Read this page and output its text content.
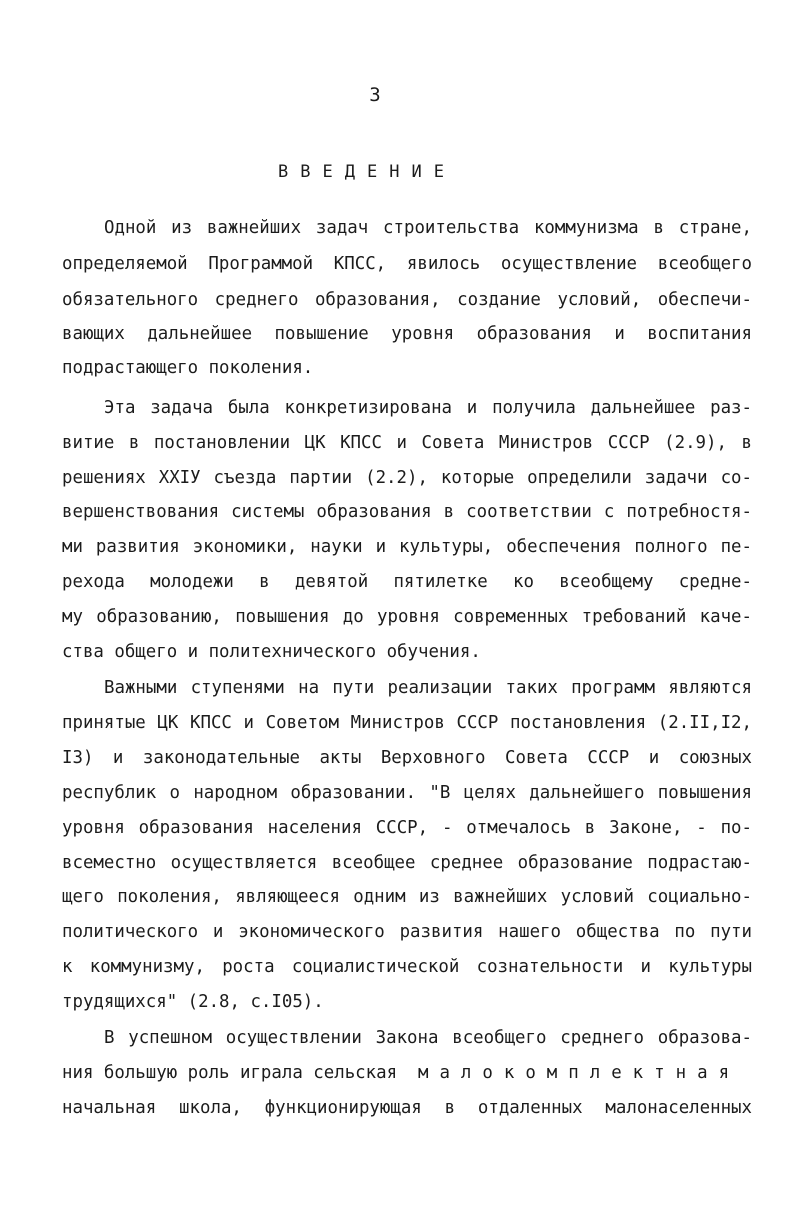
3
ВВЕДЕНИЕ
Одной из важнейших задач строительства коммунизма в стране,
определяемой Программой КПСС, явилось осуществление всеобщего
обязательного среднего образования, создание условий, обеспечи-
вающих дальнейшее повышение уровня образования и воспитания
подрастающего поколения.
Эта задача была конкретизирована и получила дальнейшее раз-
витие в постановлении ЦК КПСС и Совета Министров СССР (2.9), в
решениях XXIУ съезда партии (2.2), которые определили задачи со-
вершенствования системы образования в соответствии с потребностя-
ми развития экономики, науки и культуры, обеспечения полного пе-
рехода молодежи в девятой пятилетке ко всеобщему средне-
му образованию, повышения до уровня современных требований каче-
ства общего и политехнического обучения.
Важными ступенями на пути реализации таких программ являются
принятые ЦК КПСС и Советом Министров СССР постановления (2.II,I2,
I3) и законодательные акты Верховного Совета СССР и союзных
республик о народном образовании. "В целях дальнейшего повышения
уровня образования населения СССР, - отмечалось в Законе, - по-
всеместно осуществляется всеобщее среднее образование подрастаю-
щего поколения, являющееся одним из важнейших условий социально-
политического и экономического развития нашего общества по пути
к коммунизму, роста социалистической сознательности и культуры
трудящихся" (2.8, с.I05).
В успешном осуществлении Закона всеобщего среднего образова-
ния большую роль играла сельская  малокомплектная
начальная школа, функционирующая в отдаленных малонаселенных
